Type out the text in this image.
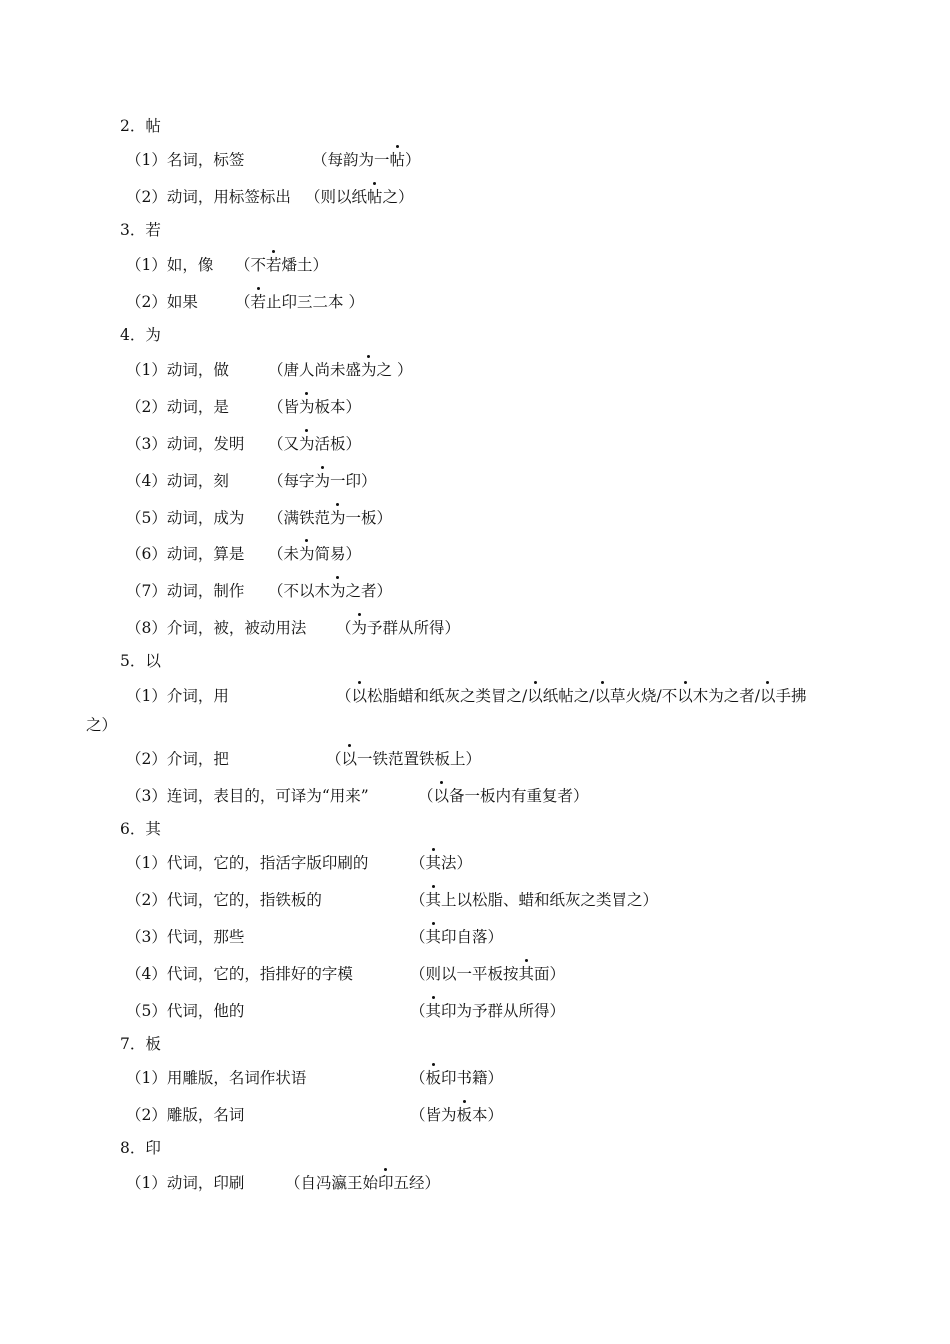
2．帖
（1）名词，标签	（每韵为一帖）
（2）动词，用标签标出 （则以纸帖之）
3．若
（1）如，像 （不若燔土）
（2）如果 （若止印三二本 ）
4．为
（1）动词，做	（唐人尚未盛为之 ）
（2）动词，是	（皆为板本）
（3）动词，发明 （又为活板）
（4）动词，刻	（每字为一印）
（5）动词，成为 （满铁范为一板）
（6）动词，算是 （未为简易）
（7）动词，制作 （不以木为之者）
（8）介词，被，被动用法 （为予群从所得）
5．以
（1）介词，用	（以松脂蜡和纸灰之类冒之/以纸帖之/以草火烧/不以木为之者/以手拂
之）
（2）介词，把	（以一铁范置铁板上）
（3）连词，表目的，可译为“用来”	（以备一板内有重复者）
6．其
（1）代词，它的，指活字版印刷的	（其法）
（2）代词，它的，指铁板的	（其上以松脂、蜡和纸灰之类冒之）
（3）代词，那些	（其印自落）
（4）代词，它的，指排好的字模	（则以一平板按其面）
（5）代词，他的	（其印为予群从所得）
7．板
（1）用雕版，名词作状语	（板印书籍）
（2）雕版，名词	（皆为板本）
8．印
（1）动词，印刷	（自冯瀛王始印五经）
